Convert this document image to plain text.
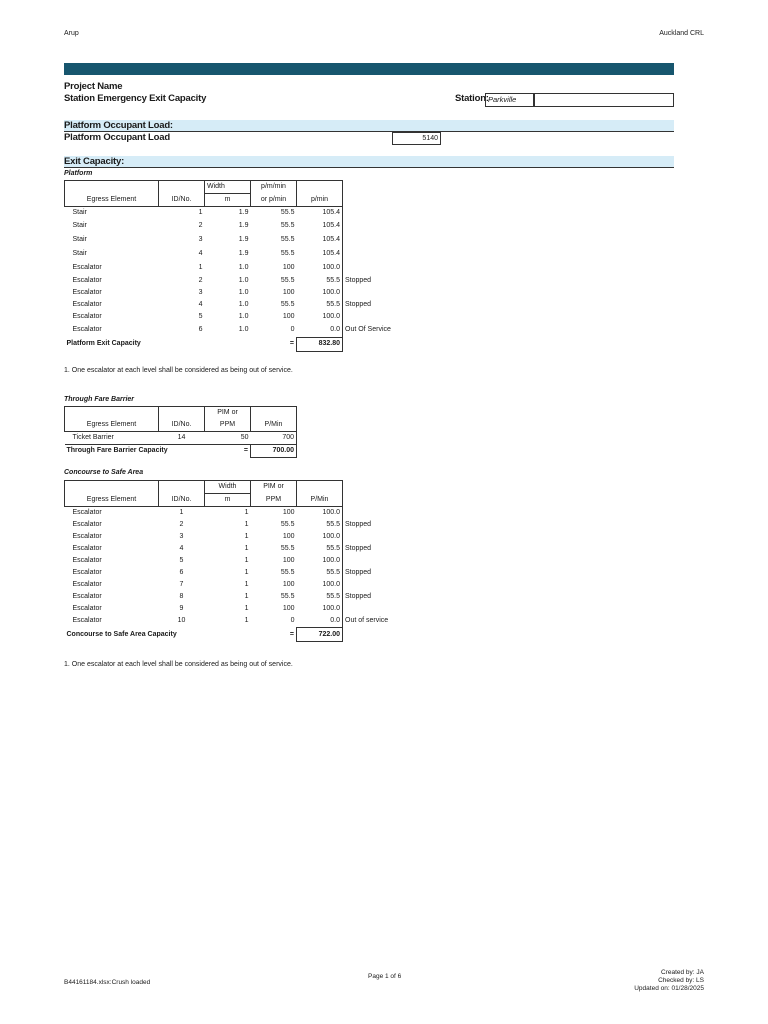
Arup	Auckland CRL
Project Name
Station Emergency Exit Capacity	Station: Parkville
Platform Occupant Load:
Platform Occupant Load	5140
Exit Capacity:
Platform
		Width	p/m/min		
Egress Element	ID/No.	m	or p/min	p/min	
Stair	1	1.9	55.5	105.4	
Stair	2	1.9	55.5	105.4	
Stair	3	1.9	55.5	105.4	
Stair	4	1.9	55.5	105.4	
Escalator	1	1.0	100	100.0	
Escalator	2	1.0	55.5	55.5	Stopped
Escalator	3	1.0	100	100.0	
Escalator	4	1.0	55.5	55.5	Stopped
Escalator	5	1.0	100	100.0	
Escalator	6	1.0	0	0.0	Out Of Service
Platform Exit Capacity			=	832.80	
1. One escalator at each level shall be considered as being out of service.
Through Fare Barrier
		PIM or	
Egress Element	ID/No.	PPM	P/Min
Ticket Barrier	14	50	700
Through Fare Barrier Capacity		=	700.00
Concourse to Safe Area
		Width	PIM or		
Egress Element	ID/No.	m	PPM	P/Min	
Escalator	1	1	100	100.0	
Escalator	2	1	55.5	55.5	Stopped
Escalator	3	1	100	100.0	
Escalator	4	1	55.5	55.5	Stopped
Escalator	5	1	100	100.0	
Escalator	6	1	55.5	55.5	Stopped
Escalator	7	1	100	100.0	
Escalator	8	1	55.5	55.5	Stopped
Escalator	9	1	100	100.0	
Escalator	10	1	0	0.0	Out of service
Concourse to Safe Area Capacity			=	722.00	
1. One escalator at each level shall be considered as being out of service.
B44161184.xlsx:Crush loaded
Page 1 of 6
Created by: JA
Checked by: LS
Updated on: 01/28/2025
